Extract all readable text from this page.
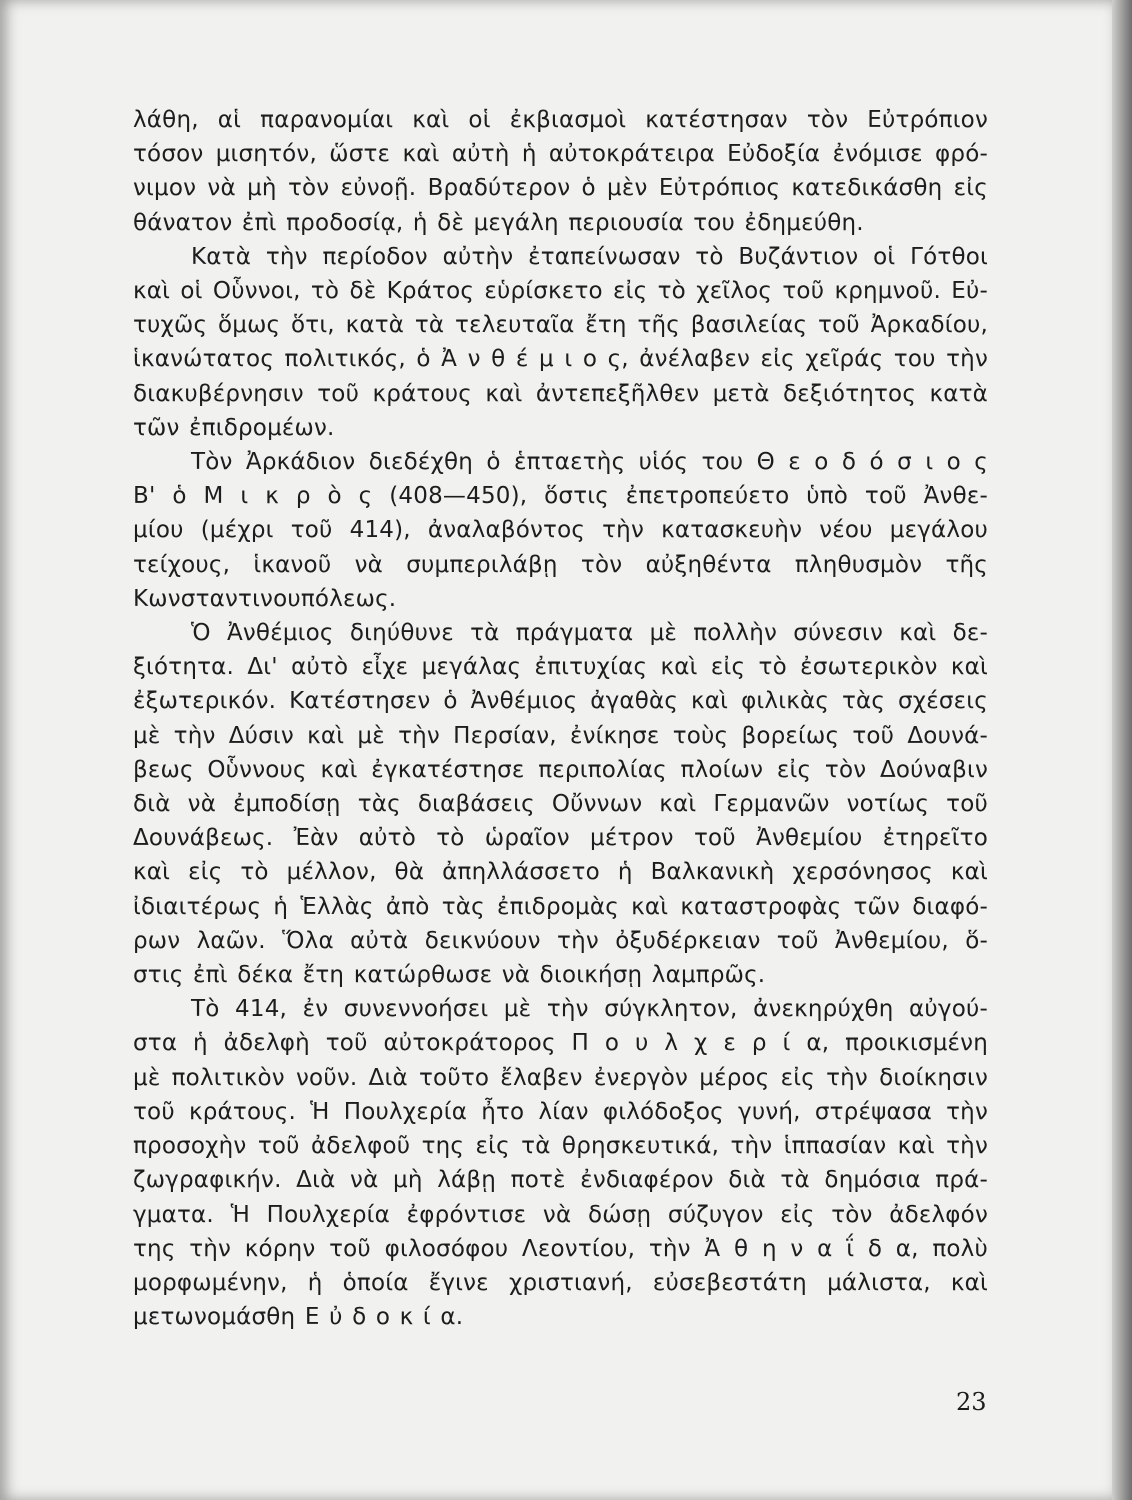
λάθη, αἱ παρανομίαι καὶ οἱ ἐκβιασμοὶ κατέστησαν τὸν Εὐτρόπιον

τόσον μισητόν, ὥστε καὶ αὐτὴ ἡ αὐτοκράτειρα Εὐδοξία ἐνόμισε φρό-

νιμον νὰ μὴ τὸν εὐνοῇ. Βραδύτερον ὁ μὲν Εὐτρόπιος κατεδικάσθη εἰς

θάνατον ἐπὶ προδοσίᾳ, ἡ δὲ μεγάλη περιουσία του ἐδημεύθη.

Κατὰ τὴν περίοδον αὐτὴν ἐταπείνωσαν τὸ Βυζάντιον οἱ Γότθοι

καὶ οἱ Οὗννοι, τὸ δὲ Κράτος εὑρίσκετο εἰς τὸ χεῖλος τοῦ κρημνοῦ. Εὐ-

τυχῶς ὅμως ὅτι, κατὰ τὰ τελευταῖα ἔτη τῆς βασιλείας τοῦ Ἀρκαδίου,

ἱκανώτατος πολιτικός, ὁ Ἀ ν θ έ μ ι ο ς, ἀνέλαβεν εἰς χεῖράς του τὴν

διακυβέρνησιν τοῦ κράτους καὶ ἀντεπεξῆλθεν μετὰ δεξιότητος κατὰ

τῶν ἐπιδρομέων.

Τὸν Ἀρκάδιον διεδέχθη ὁ ἑπταετὴς υἱός του Θ ε ο δ ό σ ι ο ς

Β' ὁ Μ ι κ ρ ὸ ς (408—450), ὅστις ἐπετροπεύετο ὑπὸ τοῦ Ἀνθε-

μίου (μέχρι τοῦ 414), ἀναλαβόντος τὴν κατασκευὴν νέου μεγάλου

τείχους, ἱκανοῦ νὰ συμπεριλάβῃ τὸν αὐξηθέντα πληθυσμὸν τῆς

Κωνσταντινουπόλεως.

Ὁ Ἀνθέμιος διηύθυνε τὰ πράγματα μὲ πολλὴν σύνεσιν καὶ δε-

ξιότητα. Δι' αὐτὸ εἶχε μεγάλας ἐπιτυχίας καὶ εἰς τὸ ἐσωτερικὸν καὶ

ἐξωτερικόν. Κατέστησεν ὁ Ἀνθέμιος ἀγαθὰς καὶ φιλικὰς τὰς σχέσεις

μὲ τὴν Δύσιν καὶ μὲ τὴν Περσίαν, ἐνίκησε τοὺς βορείως τοῦ Δουνά-

βεως Οὗννους καὶ ἐγκατέστησε περιπολίας πλοίων εἰς τὸν Δούναβιν

διὰ νὰ ἐμποδίσῃ τὰς διαβάσεις Οὔννων καὶ Γερμανῶν νοτίως τοῦ

Δουνάβεως. Ἐὰν αὐτὸ τὸ ὡραῖον μέτρον τοῦ Ἀνθεμίου ἐτηρεῖτο

καὶ εἰς τὸ μέλλον, θὰ ἀπηλλάσσετο ἡ Βαλκανικὴ χερσόνησος καὶ

ἰδιαιτέρως ἡ Ἑλλὰς ἀπὸ τὰς ἐπιδρομὰς καὶ καταστροφὰς τῶν διαφό-

ρων λαῶν. Ὅλα αὐτὰ δεικνύουν τὴν ὀξυδέρκειαν τοῦ Ἀνθεμίου, ὅ-

στις ἐπὶ δέκα ἔτη κατώρθωσε νὰ διοικήσῃ λαμπρῶς.

Τὸ 414, ἐν συνεννοήσει μὲ τὴν σύγκλητον, ἀνεκηρύχθη αὐγού-

στα ἡ ἀδελφὴ τοῦ αὐτοκράτορος Π ο υ λ χ ε ρ ί α, προικισμένη

μὲ πολιτικὸν νοῦν. Διὰ τοῦτο ἔλαβεν ἐνεργὸν μέρος εἰς τὴν διοίκησιν

τοῦ κράτους. Ἡ Πουλχερία ἦτο λίαν φιλόδοξος γυνή, στρέψασα τὴν

προσοχὴν τοῦ ἀδελφοῦ της εἰς τὰ θρησκευτικά, τὴν ἱππασίαν καὶ τὴν

ζωγραφικήν. Διὰ νὰ μὴ λάβῃ ποτὲ ἐνδιαφέρον διὰ τὰ δημόσια πρά-

γματα. Ἡ Πουλχερία ἐφρόντισε νὰ δώσῃ σύζυγον εἰς τὸν ἀδελφόν

της τὴν κόρην τοῦ φιλοσόφου Λεοντίου, τὴν Ἀ θ η ν α ΐ δ α, πολὺ

μορφωμένην, ἡ ὁποία ἔγινε χριστιανή, εὐσεβεστάτη μάλιστα, καὶ

μετωνομάσθη Ε ὐ δ ο κ ί α.

23
